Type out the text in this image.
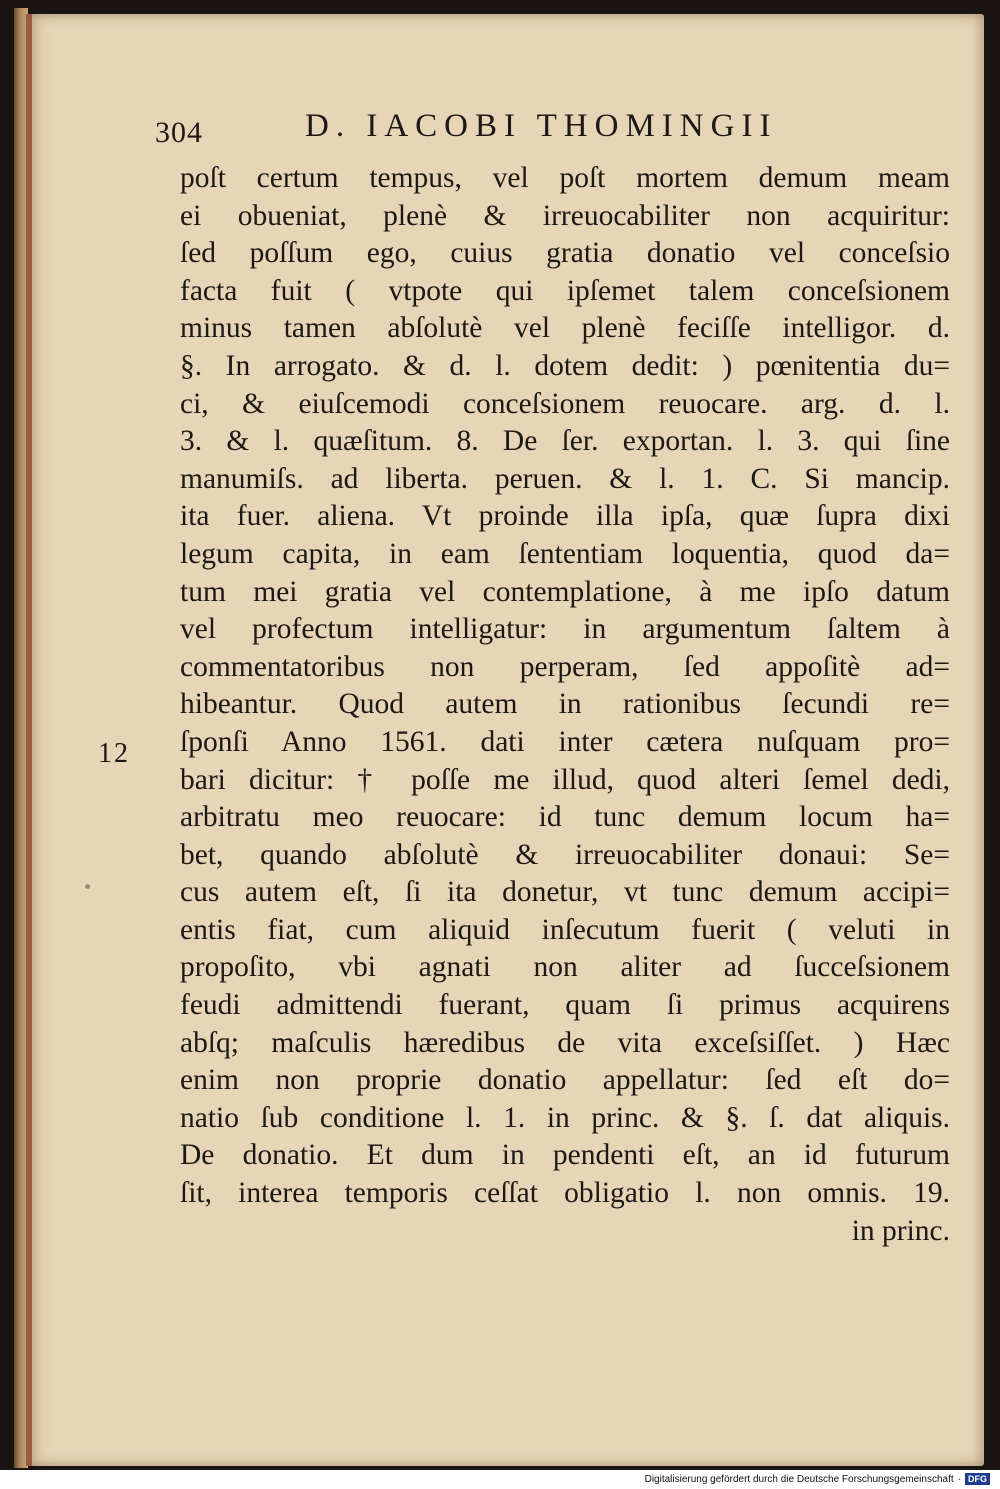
304	D. IACOBI THOMINGII
12
poſt certum tempus, vel poſt mortem demum meam
ei obueniat, plenè & irreuocabiliter non acquiritur:
ſed poſſum ego, cuius gratia donatio vel conceſsio
facta fuit ( vtpote qui ipſemet talem conceſsionem
minus tamen abſolutè vel plenè feciſſe intelligor. d.
§. In arrogato. & d. l. dotem dedit: ) pœnitentia du=
ci, & eiuſcemodi conceſsionem reuocare. arg. d. l.
3. & l. quæſitum. 8. De ſer. exportan. l. 3. qui ſine
manumiſs. ad liberta. peruen. & l. 1. C. Si mancip.
ita fuer. aliena. Vt proinde illa ipſa, quæ ſupra dixi
legum capita, in eam ſententiam loquentia, quod da=
tum mei gratia vel contemplatione, à me ipſo datum
vel profectum intelligatur: in argumentum ſaltem à
commentatoribus non perperam, ſed appoſitè ad=
hibeantur. Quod autem in rationibus ſecundi re=
ſponſi Anno 1561. dati inter cætera nuſquam pro=
bari dicitur: † poſſe me illud, quod alteri ſemel dedi,
arbitratu meo reuocare: id tunc demum locum ha=
bet, quando abſolutè & irreuocabiliter donaui: Se=
cus autem eſt, ſi ita donetur, vt tunc demum accipi=
entis fiat, cum aliquid inſecutum fuerit ( veluti in
propoſito, vbi agnati non aliter ad ſucceſsionem
feudi admittendi fuerant, quam ſi primus acquirens
abſq; maſculis hæredibus de vita exceſsiſſet. ) Hæc
enim non proprie donatio appellatur: ſed eſt do=
natio ſub conditione l. 1. in princ. & §. ſ. dat aliquis.
De donatio. Et dum in pendenti eſt, an id futurum
ſit, interea temporis ceſſat obligatio l. non omnis. 19.
in princ.
Digitalisierung gefördert durch die Deutsche Forschungsgemeinschaft · DFG
